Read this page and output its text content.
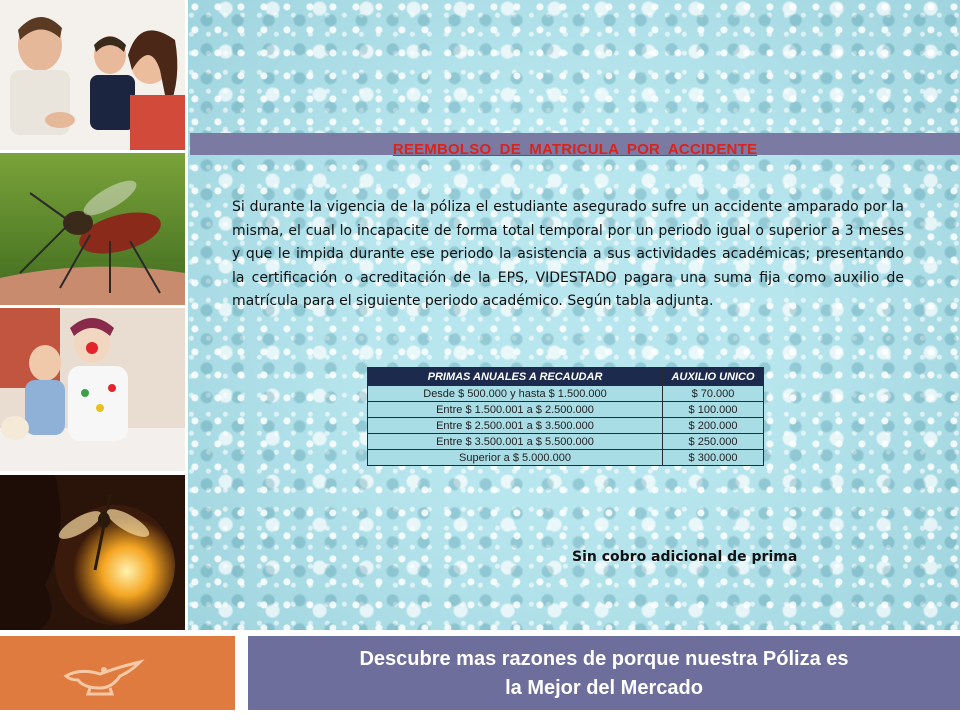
REEMBOLSO DE MATRICULA POR ACCIDENTE
Si durante la vigencia de la póliza el estudiante asegurado sufre un accidente amparado por la misma, el cual lo incapacite de forma total temporal por un periodo igual o superior a 3 meses y que le impida durante ese periodo la asistencia a sus actividades académicas; presentando la certificación o acreditación de la EPS, VIDESTADO pagara una suma fija como auxilio de matrícula para el siguiente periodo académico. Según tabla adjunta.
PRIMAS ANUALES A RECAUDAR	AUXILIO UNICO
Desde $ 500.000 y hasta $ 1.500.000	$ 70.000
Entre $ 1.500.001 a $ 2.500.000	$ 100.000
Entre $ 2.500.001 a $ 3.500.000	$ 200.000
Entre $ 3.500.001 a $ 5.500.000	$ 250.000
Superior a $ 5.000.000	$ 300.000
Sin cobro adicional de prima
Descubre mas razones de porque nuestra Póliza es
la Mejor del Mercado
